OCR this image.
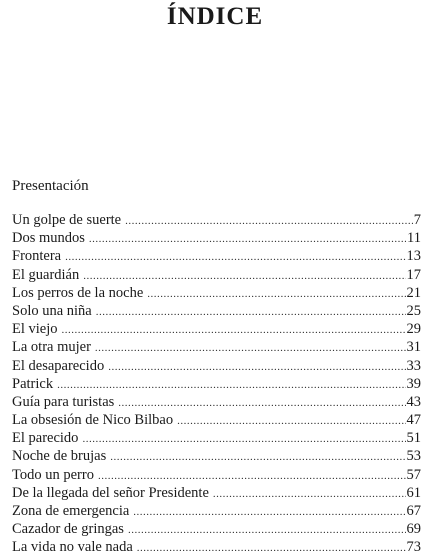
ÍNDICE
Presentación
Un golpe de suerte .....	7
Dos mundos .....	11
Frontera .....	13
El guardián .....	17
Los perros de la noche .....	21
Solo una niña .....	25
El viejo .....	29
La otra mujer .....	31
El desaparecido .....	33
Patrick .....	39
Guía para turistas .....	43
La obsesión de Nico Bilbao .....	47
El parecido .....	51
Noche de brujas .....	53
Todo un perro .....	57
De la llegada del señor Presidente .....	61
Zona de emergencia .....	67
Cazador de gringas .....	69
La vida no vale nada .....	73
